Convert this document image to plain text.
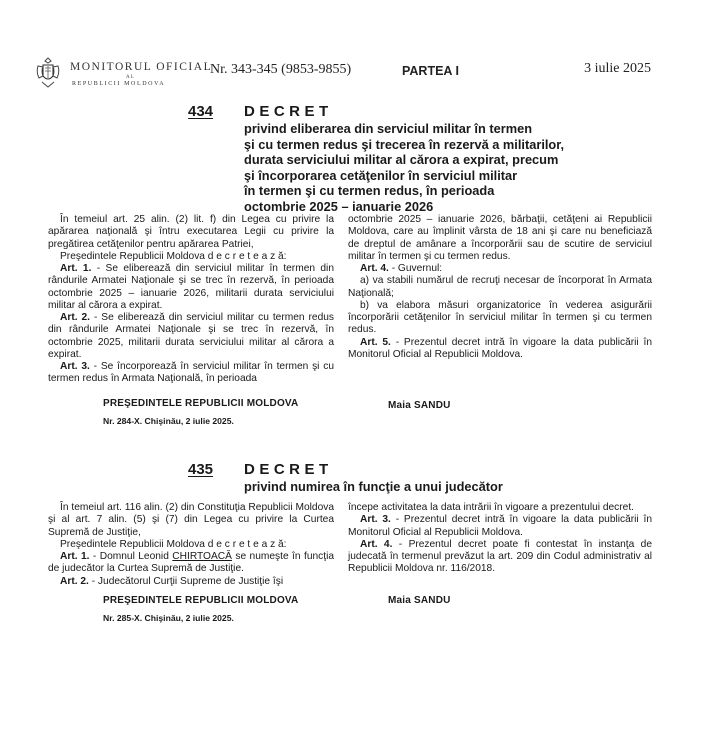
MONITORUL OFICIAL
AL
REPUBLICII MOLDOVA
Nr. 343-345 (9853-9855)	PARTEA I	3 iulie 2025
434 DECRET
privind eliberarea din serviciul militar în termen
şi cu termen redus şi trecerea în rezervă a militarilor,
durata serviciului militar al cărora a expirat, precum
şi încorporarea cetăţenilor în serviciul militar
în termen şi cu termen redus, în perioada
octombrie 2025 – ianuarie 2026

În temeiul art. 25 alin. (2) lit. f) din Legea cu privire la apărarea naţională şi întru executarea Legii cu privire la pregătirea cetăţenilor pentru apărarea Patriei,

Preşedintele Republicii Moldova d e c r e t e a z ă:

Art. 1. - Se eliberează din serviciul militar în termen din rândurile Armatei Naţionale şi se trec în rezervă, în perioada octombrie 2025 – ianuarie 2026, militarii durata serviciului militar al cărora a expirat.

Art. 2. - Se eliberează din serviciul militar cu termen redus din rândurile Armatei Naţionale şi se trec în rezervă, în octombrie 2025, militarii durata serviciului militar al cărora a expirat.

Art. 3. - Se încorporează în serviciul militar în termen şi cu termen redus în Armata Naţională, în perioada

octombrie 2025 – ianuarie 2026, bărbaţii, cetăţeni ai Republicii Moldova, care au împlinit vârsta de 18 ani şi care nu beneficiază de dreptul de amânare a încorporării sau de scutire de serviciul militar în termen şi cu termen redus.

Art. 4. - Guvernul:

a) va stabili numărul de recruţi necesar de încorporat în Armata Naţională;

b) va elabora măsuri organizatorice în vederea asigurării încorporării cetăţenilor în serviciul militar în termen şi cu termen redus.

Art. 5. - Prezentul decret intră în vigoare la data publicării în Monitorul Oficial al Republicii Moldova.

PREŞEDINTELE REPUBLICII MOLDOVA	Maia SANDU
Nr. 284-X. Chişinău, 2 iulie 2025.
435 DECRET
privind numirea în funcţie a unui judecător

În temeiul art. 116 alin. (2) din Constituţia Republicii Moldova şi al art. 7 alin. (5) şi (7) din Legea cu privire la Curtea Supremă de Justiţie,

Preşedintele Republicii Moldova d e c r e t e a z ă:

Art. 1. - Domnul Leonid CHIRTOACĂ se numeşte în funcţia de judecător la Curtea Supremă de Justiţie.

Art. 2. - Judecătorul Curţii Supreme de Justiţie îşi

începe activitatea la data intrării în vigoare a prezentului decret.

Art. 3. - Prezentul decret intră în vigoare la data publicării în Monitorul Oficial al Republicii Moldova.

Art. 4. - Prezentul decret poate fi contestat în instanţa de judecată în termenul prevăzut la art. 209 din Codul administrativ al Republicii Moldova nr. 116/2018.

PREŞEDINTELE REPUBLICII MOLDOVA	Maia SANDU
Nr. 285-X. Chişinău, 2 iulie 2025.
